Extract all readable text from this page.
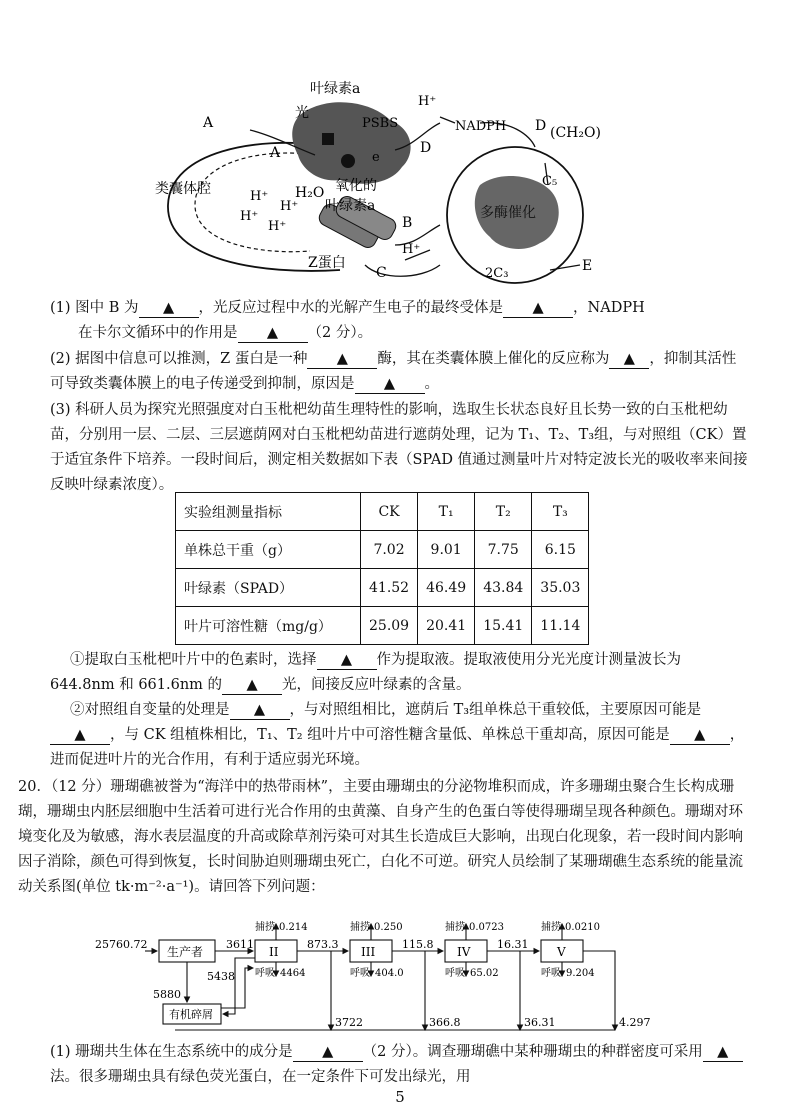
叶绿素a
光
PSBS
H⁺
NADPH D (CH₂O)
C₅
A
A	D
e
类囊体腔	H⁺
H⁺
H⁺
H⁺
H₂O 氧化的
叶绿素a	多酶催化
B
H⁺
Z蛋白
C	2C₃	E
(1) 图中 B 为 ▲ ，光反应过程中水的光解产生电子的最终受体是 ▲ ，NADPH
在卡尔文循环中的作用是 ▲ （2 分）。
(2) 据图中信息可以推测，Z 蛋白是一种 ▲ 酶，其在类囊体膜上催化的反应称为 ▲ ，抑制其活性可导致类囊体膜上的电子传递受到抑制，原因是 ▲ 。
(3) 科研人员为探究光照强度对白玉枇杷幼苗生理特性的影响，选取生长状态良好且长势一致的白玉枇杷幼苗，分别用一层、二层、三层遮荫网对白玉枇杷幼苗进行遮荫处理，记为 T₁、T₂、T₃组，与对照组（CK）置于适宜条件下培养。一段时间后，测定相关数据如下表（SPAD 值通过测量叶片对特定波长光的吸收率来间接反映叶绿素浓度）。
实验组测量指标	CK	T₁	T₂	T₃
单株总干重（g）	7.02	9.01	7.75	6.15
叶绿素（SPAD）	41.52	46.49	43.84	35.03
叶片可溶性糖（mg/g）	25.09	20.41	15.41	11.14
①提取白玉枇杷叶片中的色素时，选择 ▲ 作为提取液。提取液使用分光光度计测量波长为 644.8nm 和 661.6nm 的 ▲ 光，间接反应叶绿素的含量。
②对照组自变量的处理是 ▲ ，与对照组相比，遮荫后 T₃组单株总干重较低，主要原因可能是▲ ，与 CK 组植株相比，T₁、T₂ 组叶片中可溶性糖含量低、单株总干重却高，原因可能是 ▲ ，进而促进叶片的光合作用，有利于适应弱光环境。
20．（12 分）珊瑚礁被誉为“海洋中的热带雨林”，主要由珊瑚虫的分泌物堆积而成，许多珊瑚虫聚合生长构成珊瑚，珊瑚虫内胚层细胞中生活着可进行光合作用的虫黄藻、自身产生的色蛋白等使得珊瑚呈现各种颜色。珊瑚对环境变化及为敏感，海水表层温度的升高或除草剂污染可对其生长造成巨大影响，出现白化现象，若一段时间内影响因子消除，颜色可得到恢复，长时间胁迫则珊瑚虫死亡，白化不可逆。研究人员绘制了某珊瑚礁生态系统的能量流动关系图(单位 tk·m⁻²·a⁻¹)。请回答下列问题：
25760.72
生产者	II	III	IV	V
有机碎屑
3611	873.3	115.8	16.31
捕捞 0.214	捕捞 0.250	捕捞 0.0723	捕捞 0.0210
呼吸 4464	呼吸 404.0	呼吸 65.02	呼吸 9.204
5438
5880
3722	366.8	36.31	4.297
(1) 珊瑚共生体在生态系统中的成分是 ▲ （2 分）。调查珊瑚礁中某种珊瑚虫的种群密度可采用 ▲法。很多珊瑚虫具有绿色荧光蛋白，在一定条件下可发出绿光，用
5
